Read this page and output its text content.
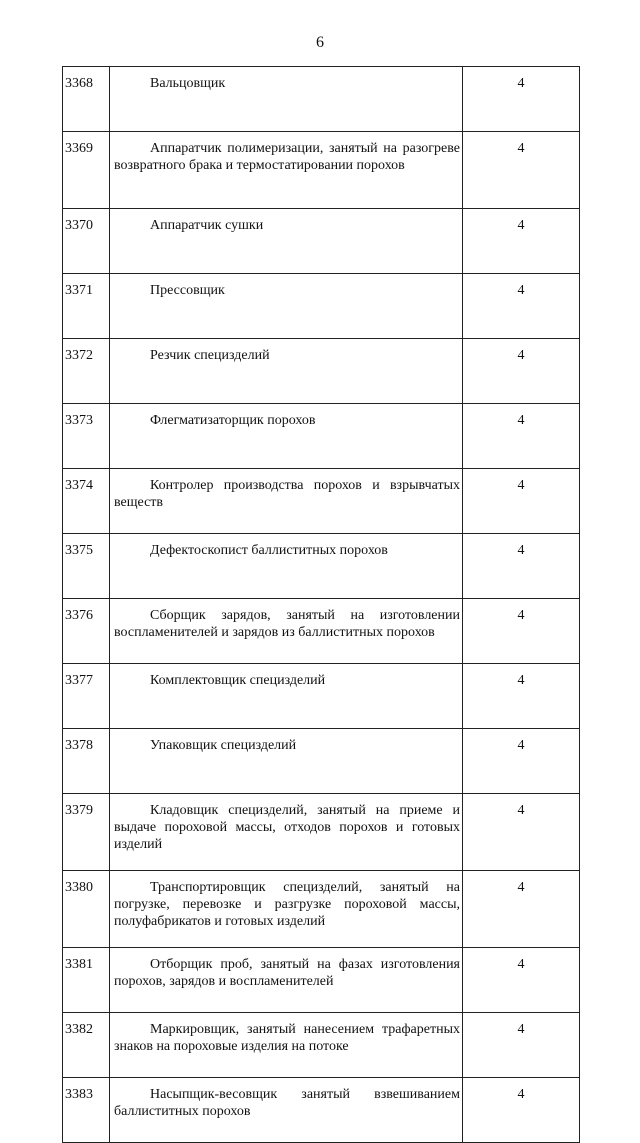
6
3368	Вальцовщик	4
3369	Аппаратчик полимеризации, занятый на разогреве возвратного брака и термостатировании порохов	4
3370	Аппаратчик сушки	4
3371	Прессовщик	4
3372	Резчик специзделий	4
3373	Флегматизаторщик порохов	4
3374	Контролер производства порохов и взрывчатых веществ	4
3375	Дефектоскопист баллиститных порохов	4
3376	Сборщик зарядов, занятый на изготовлении воспламенителей и зарядов из баллиститных порохов	4
3377	Комплектовщик специзделий	4
3378	Упаковщик специзделий	4
3379	Кладовщик специзделий, занятый на приеме и выдаче пороховой массы, отходов порохов и готовых изделий	4
3380	Транспортировщик специзделий, занятый на погрузке, перевозке и разгрузке пороховой массы, полуфабрикатов и готовых изделий	4
3381	Отборщик проб, занятый на фазах изготовления порохов, зарядов и воспламенителей	4
3382	Маркировщик, занятый нанесением трафаретных знаков на пороховые изделия на потоке	4
3383	Насыпщик-весовщик занятый взвешиванием баллиститных порохов	4
